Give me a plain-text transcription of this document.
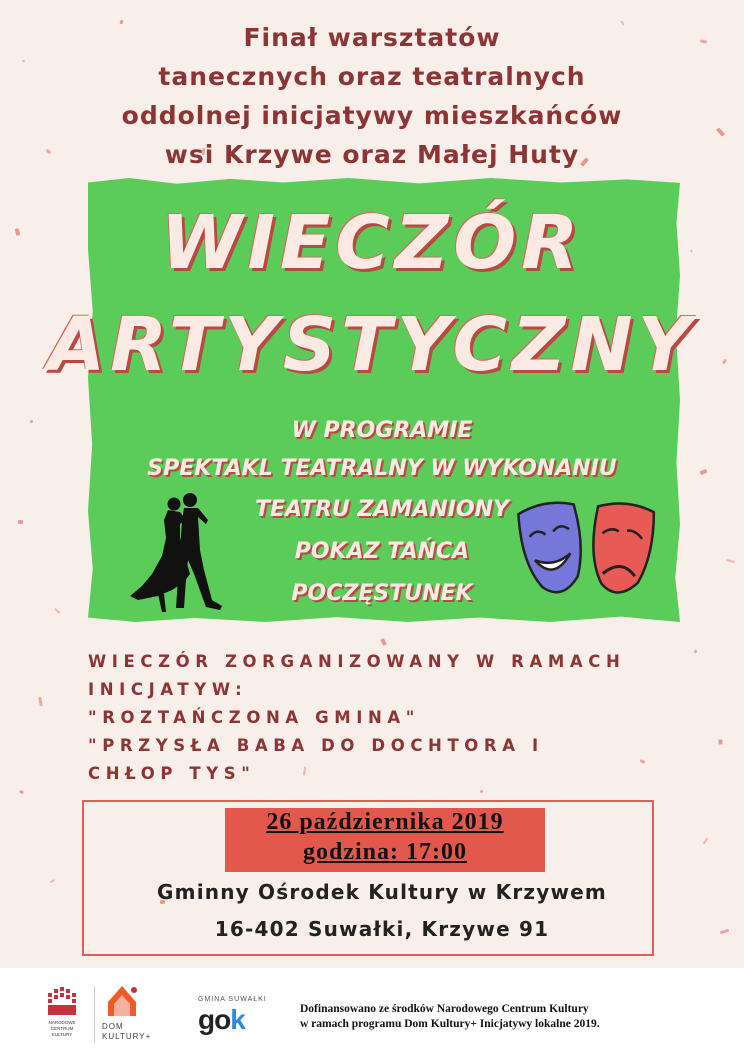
Finał warsztatów
tanecznych oraz teatralnych
oddolnej inicjatywy mieszkańców
wsi Krzywe oraz Małej Huty
WIECZÓR
ARTYSTYCZNY
W PROGRAMIE
SPEKTAKL TEATRALNY W WYKONANIU
TEATRU ZAMANIONY
POKAZ TAŃCA
POCZĘSTUNEK
WIECZÓR ZORGANIZOWANY W RAMACH
INICJATYW:
"ROZTAŃCZONA GMINA"
"PRZYSŁA BABA DO DOCHTORA I
CHŁOP TYS"
26 października 2019
godzina: 17:00
Gminny Ośrodek Kultury w Krzywem
16-402 Suwałki, Krzywe 91
NARODOWE
CENTRUM
KULTURY
DOM
KULTURY+
GMINA SUWAŁKI
gok	Dofinansowano ze środków Narodowego Centrum Kultury
w ramach programu Dom Kultury+ Inicjatywy lokalne 2019.
